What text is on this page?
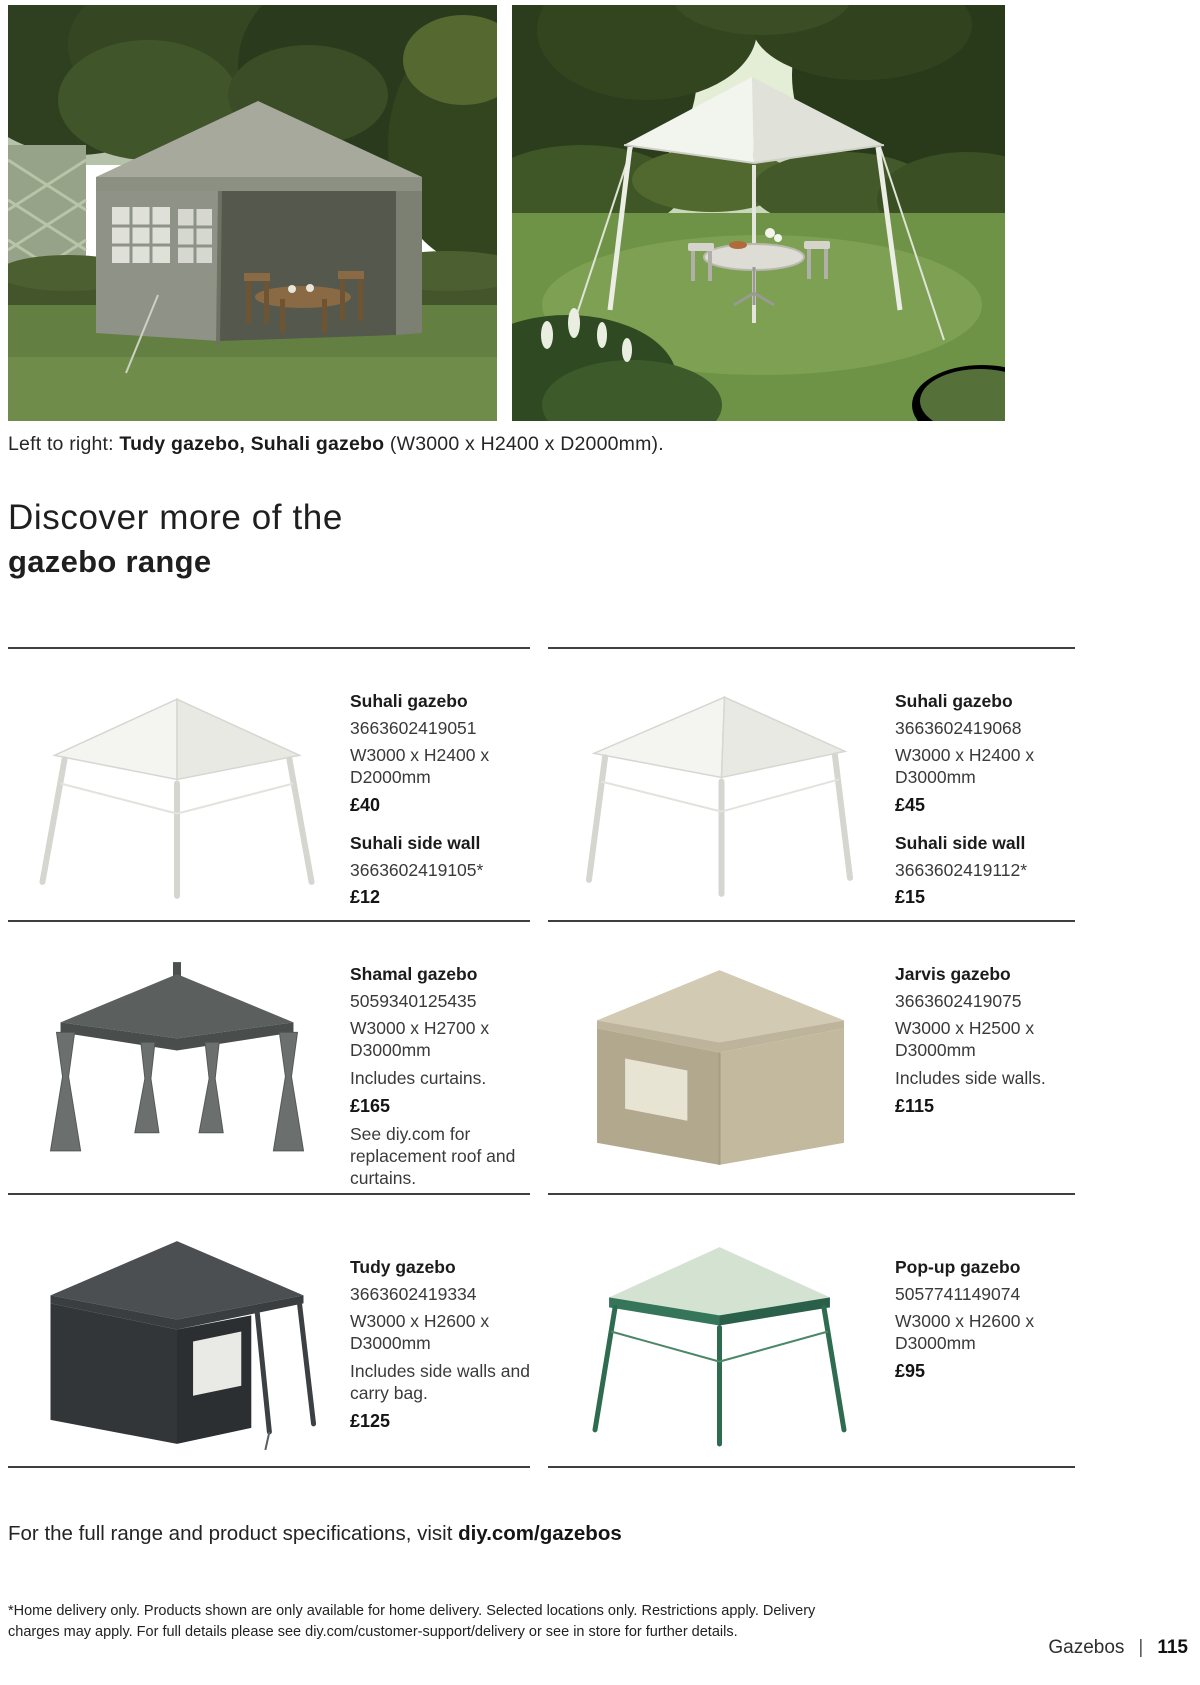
Left to right: Tudy gazebo, Suhali gazebo (W3000 x H2400 x D2000mm).

Discover more of the
gazebo range
Suhali gazebo
3663602419051
W3000 x H2400 x D2000mm
£40
Suhali side wall
3663602419105*
£12
Suhali gazebo
3663602419068
W3000 x H2400 x D3000mm
£45
Suhali side wall
3663602419112*
£15
Shamal gazebo
5059340125435
W3000 x H2700 x D3000mm
Includes curtains.
£165
See diy.com for replacement roof and curtains.
Jarvis gazebo
3663602419075
W3000 x H2500 x D3000mm
Includes side walls.
£115
Tudy gazebo
3663602419334
W3000 x H2600 x D3000mm
Includes side walls and carry bag.
£125
Pop-up gazebo
5057741149074
W3000 x H2600 x D3000mm
£95

For the full range and product specifications, visit diy.com/gazebos

*Home delivery only. Products shown are only available for home delivery. Selected locations only. Restrictions apply. Delivery charges may apply. For full details please see diy.com/customer-support/delivery or see in store for further details.

Gazebos | 115
